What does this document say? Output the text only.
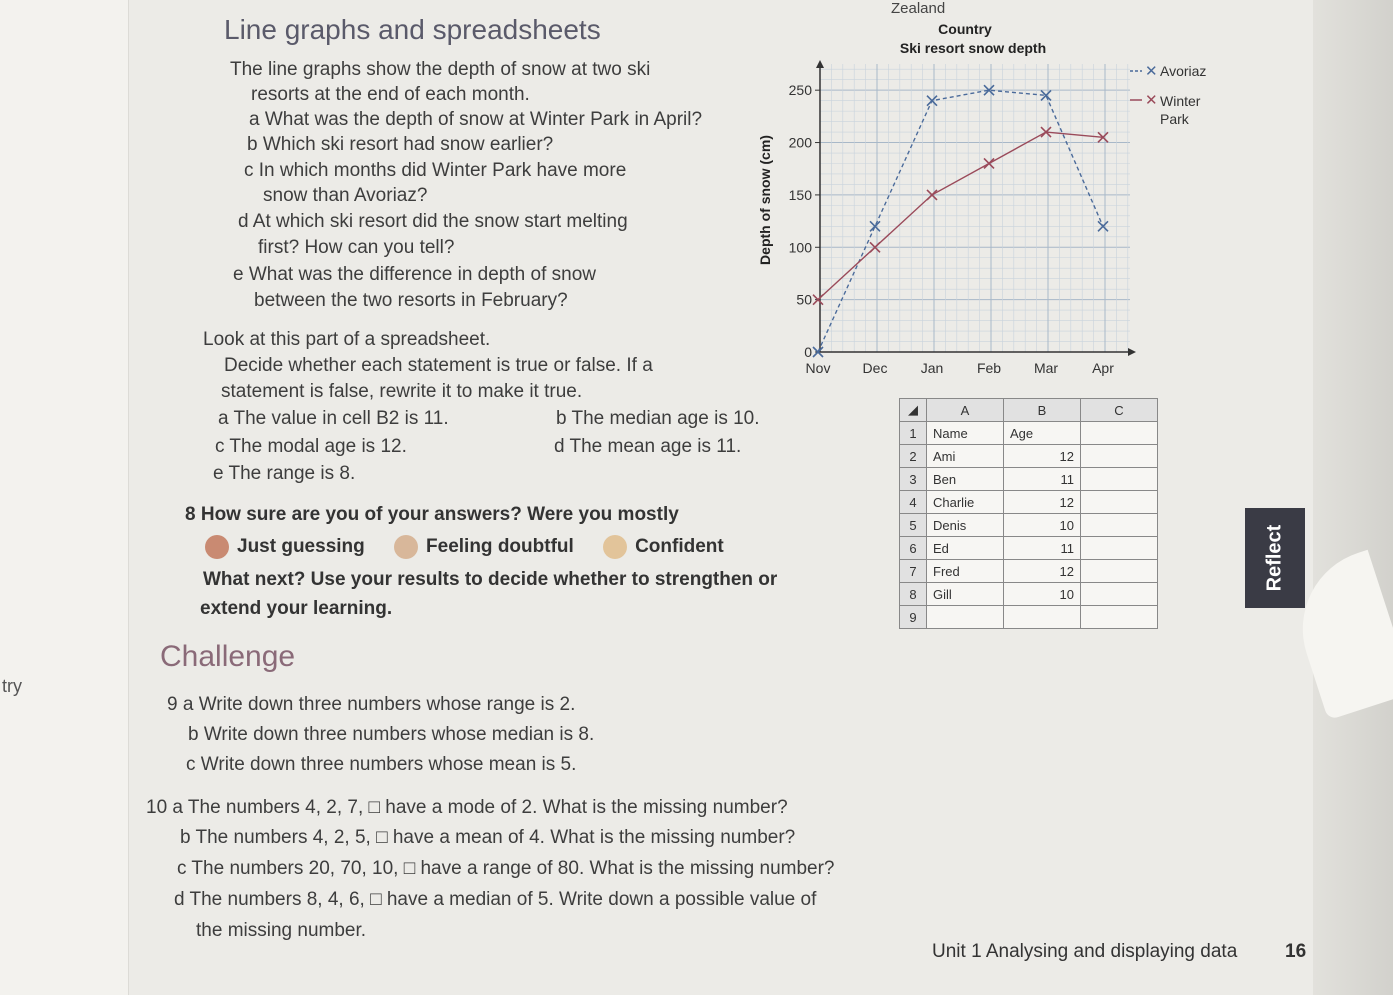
try
Zealand
Line graphs and spreadsheets
The line graphs show the depth of snow at two ski
resorts at the end of each month.
a What was the depth of snow at Winter Park in April?
b Which ski resort had snow earlier?
c In which months did Winter Park have more
snow than Avoriaz?
d At which ski resort did the snow start melting
first? How can you tell?
e What was the difference in depth of snow
between the two resorts in February?
Country
Ski resort snow depth
0
50
100
150
200
250
Nov Dec Jan Feb Mar Apr
Depth of snow (cm)
✕ Avoriaz
✕ Winter
Park
Look at this part of a spreadsheet.
Decide whether each statement is true or false. If a
statement is false, rewrite it to make it true.
a The value in cell B2 is 11.	b The median age is 10.
c The modal age is 12.	d The mean age is 11.
e The range is 8.
◢	A	B	C
1	Name	Age	
2	Ami	12	
3	Ben	11	
4	Charlie	12	
5	Denis	10	
6	Ed	11	
7	Fred	12	
8	Gill	10	
9			
8 How sure are you of your answers? Were you mostly
Just guessing	Feeling doubtful	Confident
What next? Use your results to decide whether to strengthen or
extend your learning.
Reflect
Challenge
9 a Write down three numbers whose range is 2.
b Write down three numbers whose median is 8.
c Write down three numbers whose mean is 5.
10 a The numbers 4, 2, 7, □ have a mode of 2. What is the missing number?
b The numbers 4, 2, 5, □ have a mean of 4. What is the missing number?
c The numbers 20, 70, 10, □ have a range of 80. What is the missing number?
d The numbers 8, 4, 6, □ have a median of 5. Write down a possible value of
the missing number.
Unit 1 Analysing and displaying data	16
